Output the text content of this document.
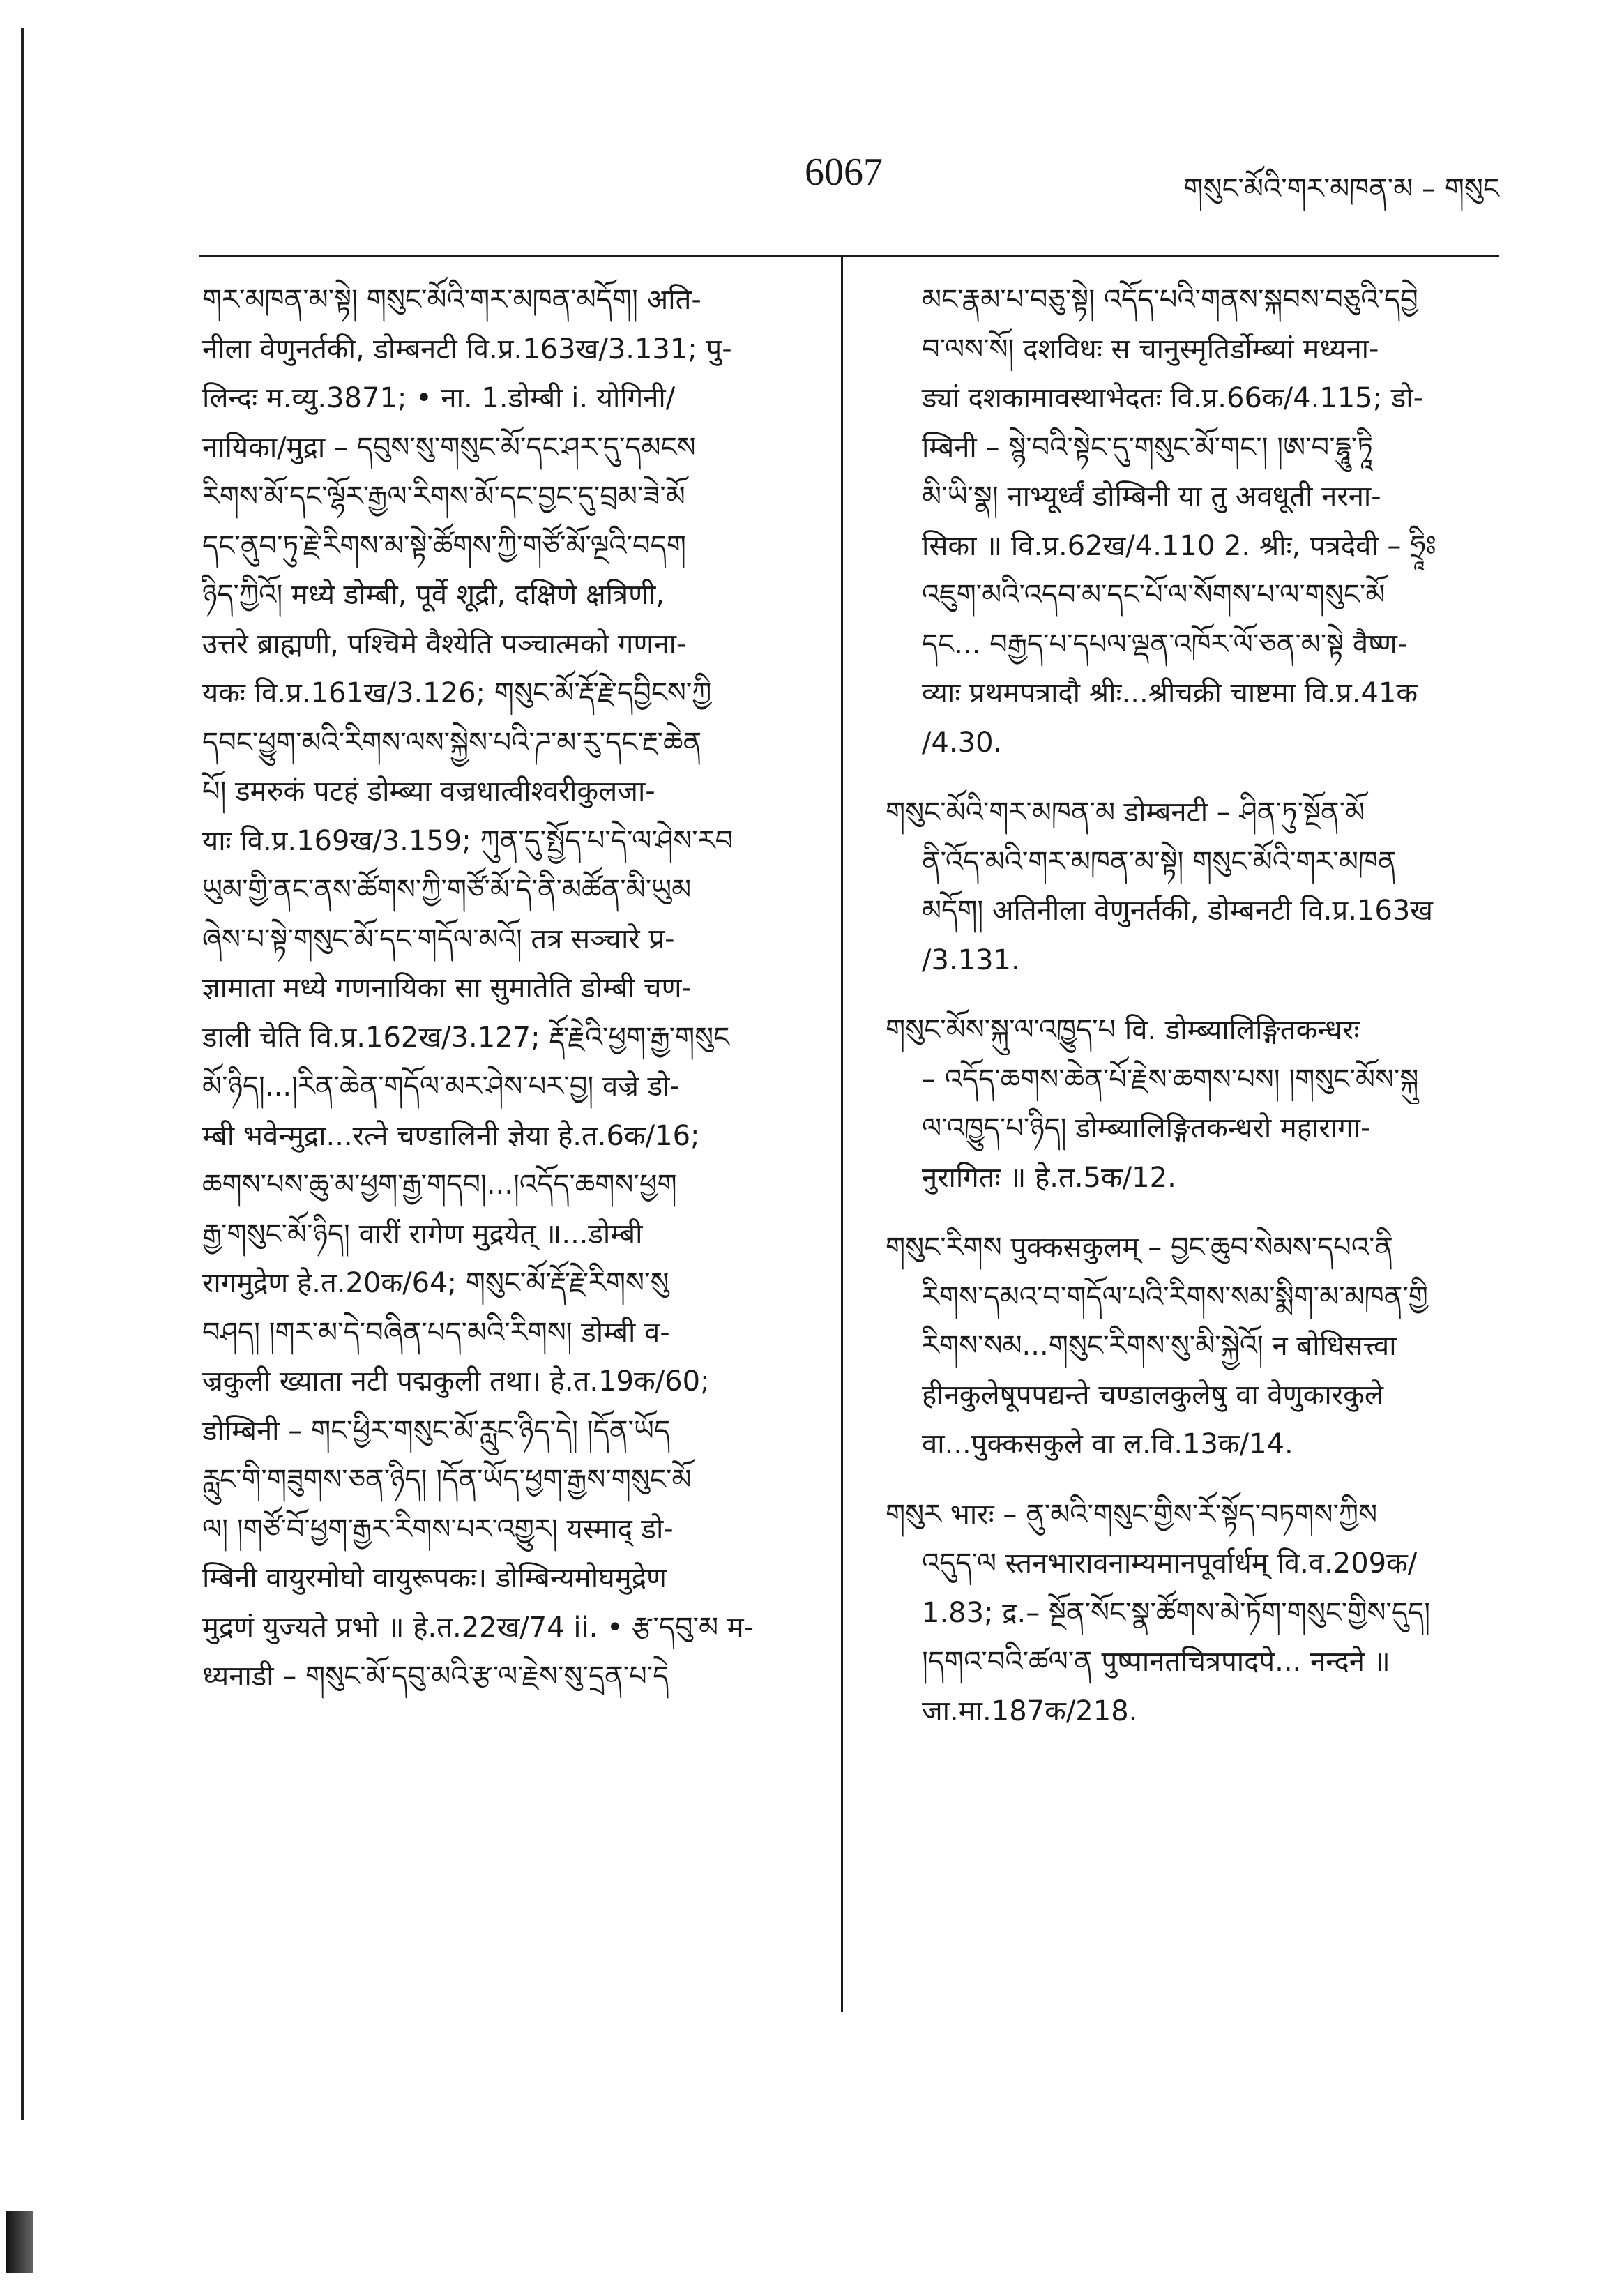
6067	གསུང་མོའི་གར་མཁན་མ – གསུང
གར་མཁན་མ་སྟེ། གསུང་མོའི་གར་མཁན་མདོག། अति-
नीला वेणुनर्तकी, डोम्बनटी वि.प्र.163ख/3.131; पु-
लिन्दः म.व्यु.3871; • ना. 1.डोम्बी i. योगिनी/
नायिका/मुद्रा – དབུས་སུ་གསུང་མོ་དང་ཤར་དུ་དམངས
རིགས་མོ་དང་ལྷོར་རྒྱལ་རིགས་མོ་དང་བྱང་དུ་བྲམ་ཟེ་མོ
དང་ནུབ་ཏུ་རྗེ་རིགས་མ་སྟེ་ཚོགས་ཀྱི་གཙོ་མོ་ལྔའི་བདག
ཉིད་ཀྱིའོ། मध्ये डोम्बी, पूर्वे शूद्री, दक्षिणे क्षत्रिणी,
उत्तरे ब्राह्मणी, पश्चिमे वैश्येति पञ्चात्मको गणना-
यकः वि.प्र.161ख/3.126; གསུང་མོ་རྡོ་རྗེ་དབྱིངས་ཀྱི
དབང་ཕྱུག་མའི་རིགས་ལས་སྐྱེས་པའི་ཌ་མ་རུ་དང་རྔ་ཆེན
པོ། डमरुकं पटहं डोम्ब्या वज्रधात्वीश्वरीकुलजा-
याः वि.प्र.169ख/3.159; ཀུན་དུ་སྤྱོད་པ་དེ་ལ་ཤེས་རབ
ཡུམ་གྱི་ནང་ནས་ཚོགས་ཀྱི་གཙོ་མོ་དེ་ནི་མཚོན་མི་ཡུམ
ཞེས་པ་སྟེ་གསུང་མོ་དང་གདོལ་མའོ། तत्र सञ्चारे प्र-
ज्ञामाता मध्ये गणनायिका सा सुमातेति डोम्बी चण-
डाली चेति वि.प्र.162ख/3.127; རྡོ་རྗེའི་ཕྱག་རྒྱ་གསུང
མོ་ཉིད།...།རིན་ཆེན་གདོལ་མར་ཤེས་པར་བྱ། वज्रे डो-
म्बी भवेन्मुद्रा...रत्ने चण्डालिनी ज्ञेया हे.त.6क/16;
ཆགས་པས་ཆུ་མ་ཕྱག་རྒྱ་གདབ།...།འདོད་ཆགས་ཕྱག
རྒྱ་གསུང་མོ་ཉིད། वारीं रागेण मुद्रयेत् ॥...डोम्बी
रागमुद्रेण हे.त.20क/64; གསུང་མོ་རྡོ་རྗེ་རིགས་སུ
བཤད། །གར་མ་དེ་བཞིན་པད་མའི་རིགས། डोम्बी व-
ज्रकुली ख्याता नटी पद्मकुली तथा। हे.त.19क/60;
डोम्बिनी – གང་ཕྱིར་གསུང་མོ་རླུང་ཉིད་དེ། །དོན་ཡོད
རླུང་གི་གཟུགས་ཅན་ཉིད། །དོན་ཡོད་ཕྱག་རྒྱས་གསུང་མོ
ལ། །གཙོ་བོ་ཕྱག་རྒྱར་རིགས་པར་འགྱུར། यस्माद् डो-
म्बिनी वायुरमोघो वायुरूपकः। डोम्बिन्यमोघमुद्रेण
मुद्रणं युज्यते प्रभो ॥ हे.त.22ख/74 ii. • རྩ་དབུ་མ म-
ध्यनाडी – གསུང་མོ་དབུ་མའི་རྩ་ལ་རྗེས་སུ་དྲན་པ་དེ
མང་རྣམ་པ་བཅུ་སྟེ། འདོད་པའི་གནས་སྐབས་བཅུའི་དབྱེ
བ་ལས་སོ། दशविधः स चानुस्मृतिर्डोम्ब्यां मध्यना-
ड्यां दशकामावस्थाभेदतः वि.प्र.66क/4.115; डो-
म्बिनी – སྙེ་བའི་སྟེང་དུ་གསུང་མོ་གང་། །ཨ་བ་དྷཱུ་ཏཱི
མི་ཡི་སྣ། नाभ्यूर्ध्वं डोम्बिनी या तु अवधूती नरना-
सिका ॥ वि.प्र.62ख/4.110 2. श्रीः, पत्रदेवी – ཧྲཱིཿ
འཇུག་མའི་འདབ་མ་དང་པོ་ལ་སོགས་པ་ལ་གསུང་མོ
དང... བརྒྱད་པ་དཔལ་ལྡན་འཁོར་ལོ་ཅན་མ་སྟེ वैष्ण-
व्याः प्रथमपत्रादौ श्रीः...श्रीचक्री चाष्टमा वि.प्र.41क
/4.30.
གསུང་མོའི་གར་མཁན་མ डोम्बनटी – ཤིན་ཏུ་སྔོན་མོ
ནི་འོད་མའི་གར་མཁན་མ་སྟེ། གསུང་མོའི་གར་མཁན
མདོག། अतिनीला वेणुनर्तकी, डोम्बनटी वि.प्र.163ख
/3.131.
གསུང་མོས་སྐུ་ལ་འཁྱུད་པ वि. डोम्ब्यालिङ्गितकन्धरः
– འདོད་ཆགས་ཆེན་པོ་རྗེས་ཆགས་པས། །གསུང་མོས་སྐུ
ལ་འཁྱུད་པ་ཉིད། डोम्ब्यालिङ्गितकन्धरो महारागा-
नुरागितः ॥ हे.त.5क/12.
གསུང་རིགས पुक्कसकुलम् – བྱང་ཆུབ་སེམས་དཔའ་ནི
རིགས་དམའ་བ་གདོལ་པའི་རིགས་སམ་སྨིག་མ་མཁན་གྱི
རིགས་སམ...གསུང་རིགས་སུ་མི་སྐྱེའོ། न बोधिसत्त्वा
हीनकुलेषूपपद्यन्ते चण्डालकुलेषु वा वेणुकारकुले
वा...पुक्कसकुले वा ल.वि.13क/14.
གསུར भारः – ནུ་མའི་གསུང་གྱིས་རོ་སྟོད་བཏགས་ཀྱིས
འདུད་ལ स्तनभारावनाम्यमानपूर्वार्धम् वि.व.209क/
1.83; द्र.– སྔོན་སོང་སྣ་ཚོགས་མེ་ཏོག་གསུང་གྱིས་དུད།
།དགའ་བའི་ཚལ་ན पुष्पानतचित्रपादपे... नन्दने ॥
जा.मा.187क/218.
